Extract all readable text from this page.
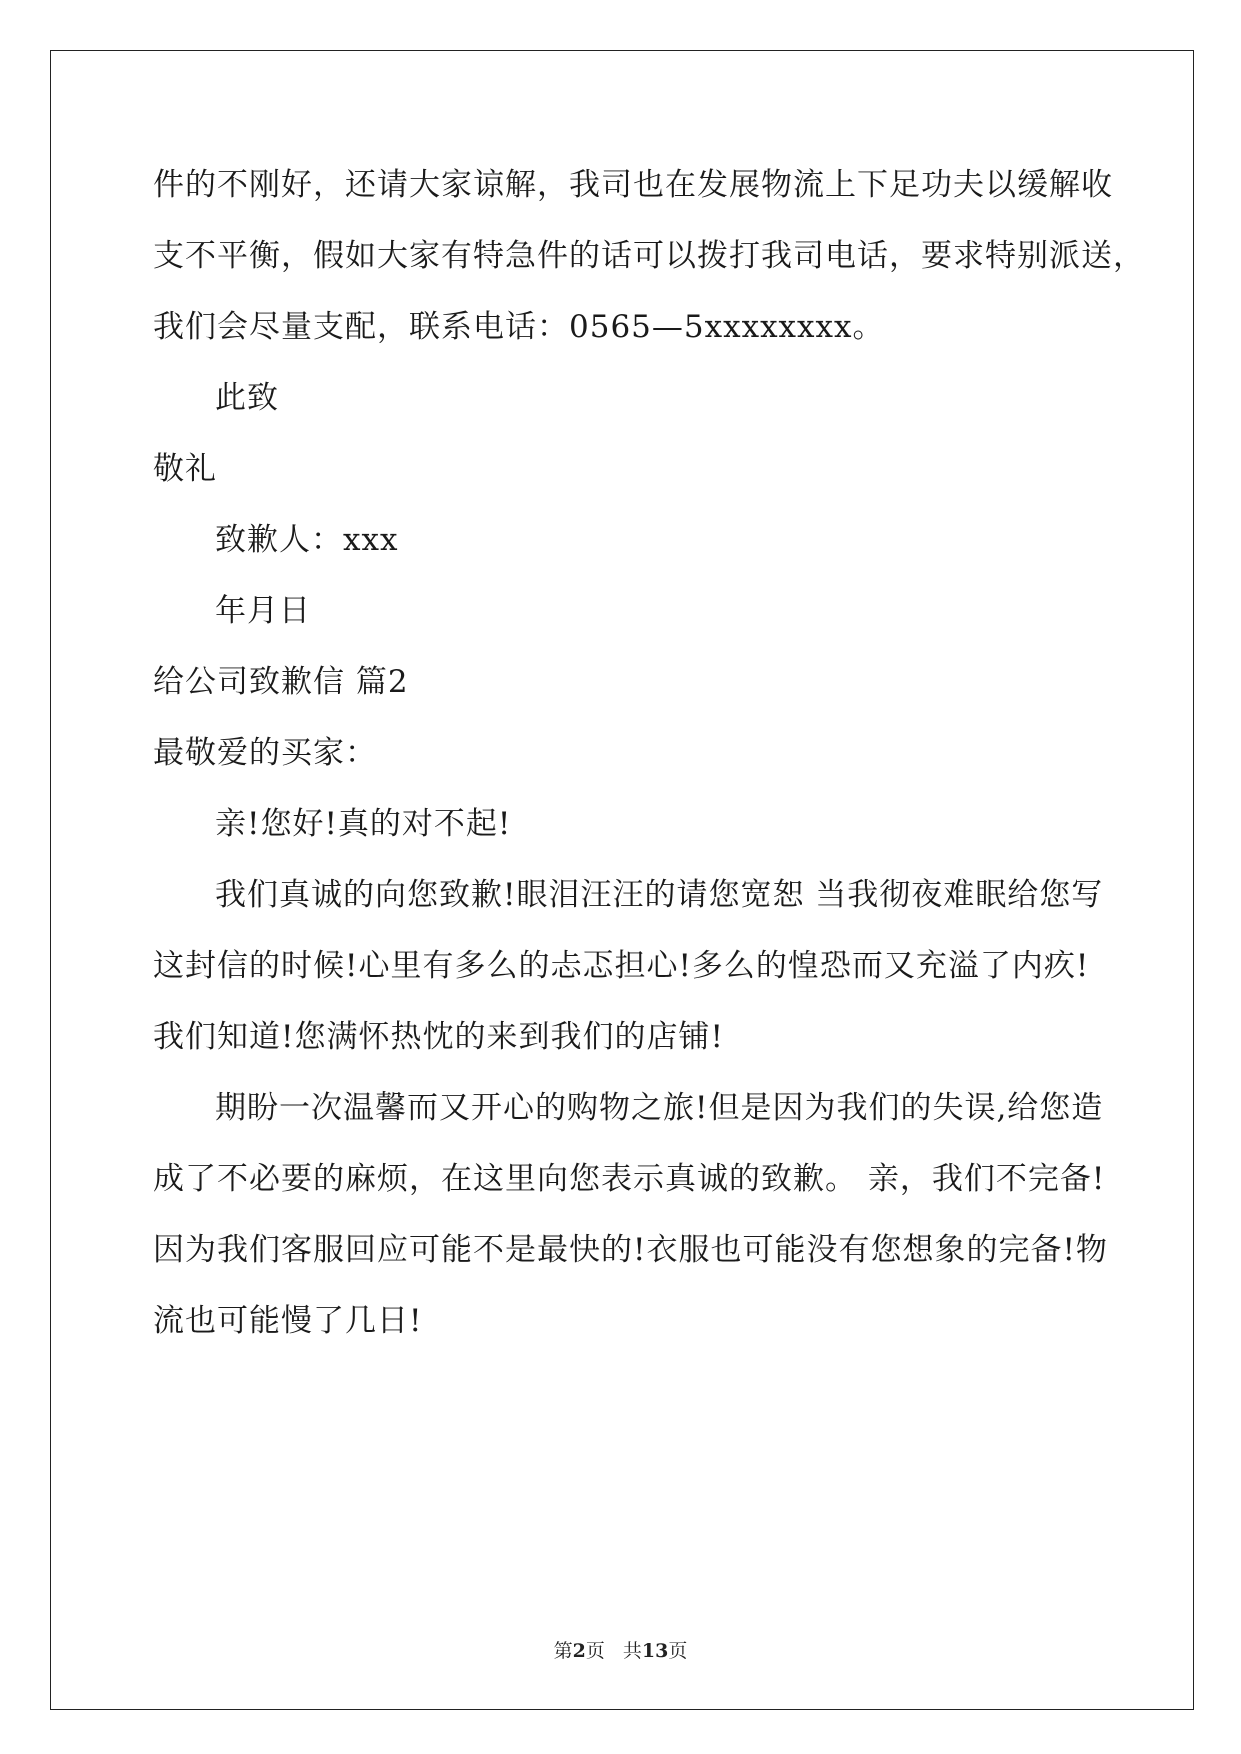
件的不刚好，还请大家谅解，我司也在发展物流上下足功夫以缓解收
支不平衡，假如大家有特急件的话可以拨打我司电话，要求特别派送，
我们会尽量支配，联系电话：0565—5xxxxxxxx。
此致
敬礼
致歉人：xxx
年月日
给公司致歉信 篇2
最敬爱的买家：
亲!您好!真的对不起!
我们真诚的向您致歉!眼泪汪汪的请您宽恕 当我彻夜难眠给您写
这封信的时候!心里有多么的忐忑担心!多么的惶恐而又充溢了内疚!
我们知道!您满怀热忱的来到我们的店铺!
期盼一次温馨而又开心的购物之旅!但是因为我们的失误,给您造
成了不必要的麻烦，在这里向您表示真诚的致歉。 亲，我们不完备!
因为我们客服回应可能不是最快的!衣服也可能没有您想象的完备!物
流也可能慢了几日!
第2页 共13页
